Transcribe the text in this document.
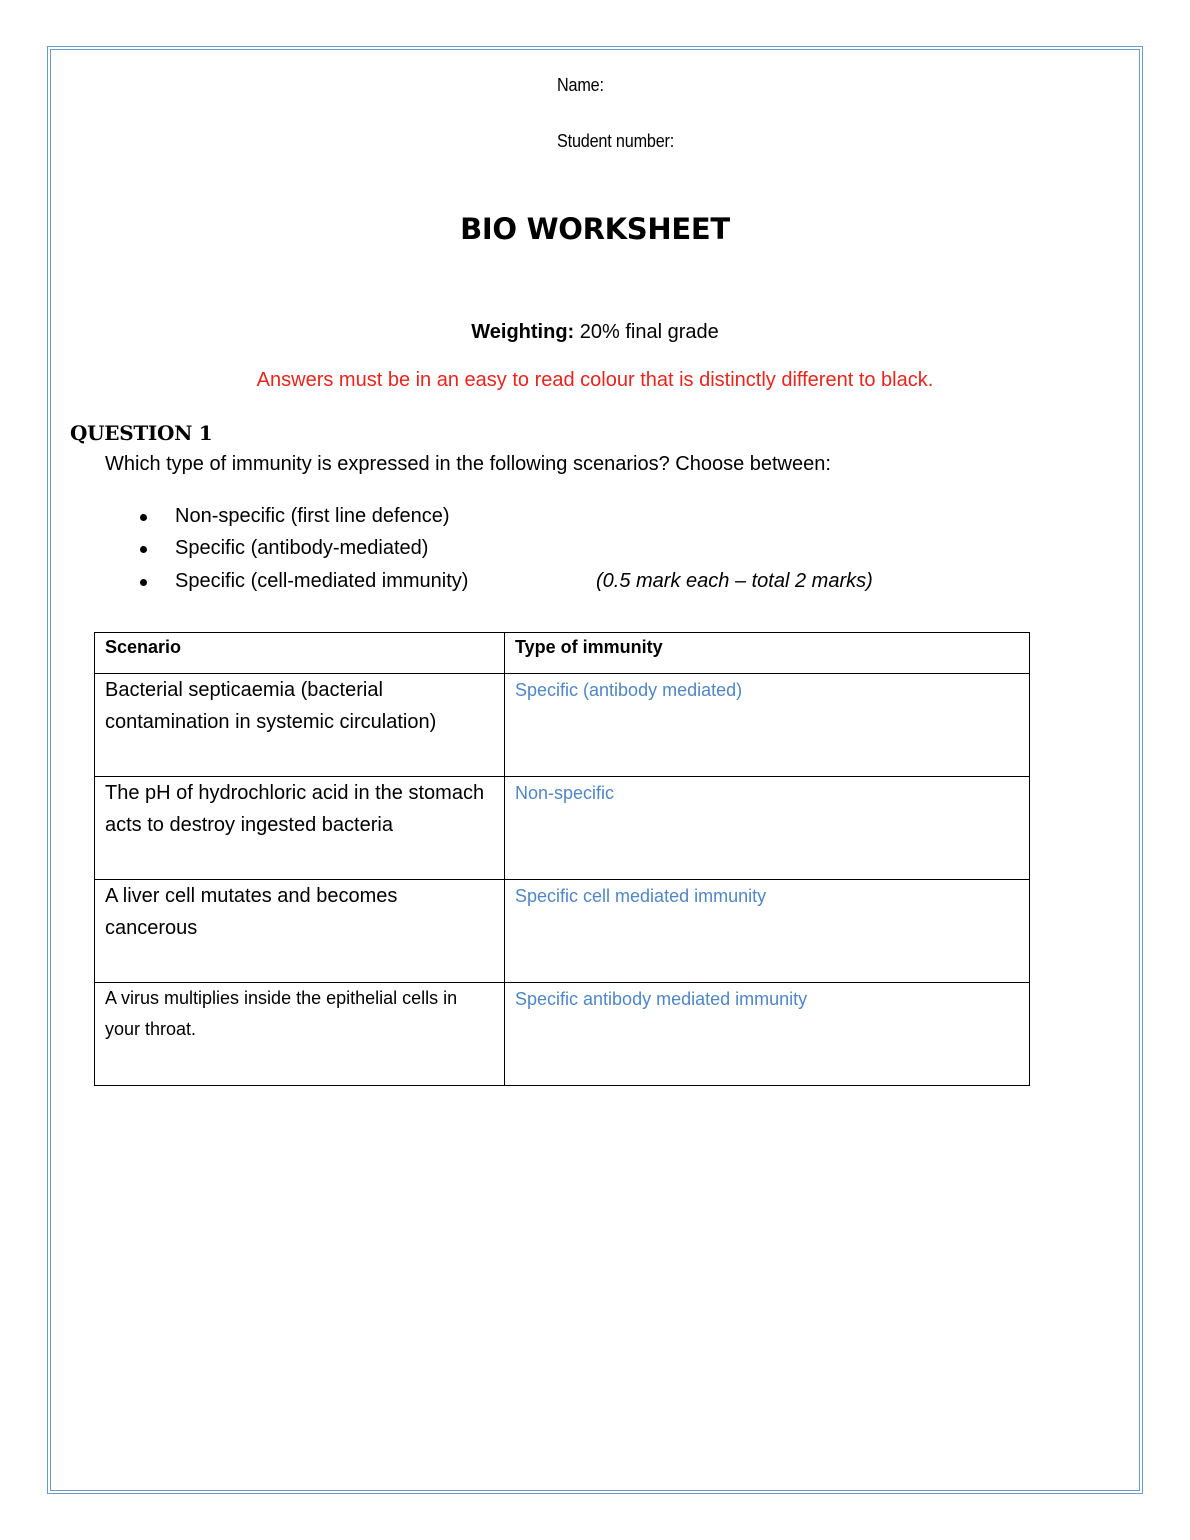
Name:
Student number:
BIO WORKSHEET
Weighting: 20% final grade
Answers must be in an easy to read colour that is distinctly different to black.
QUESTION 1
Which type of immunity is expressed in the following scenarios? Choose between:
Non-specific (first line defence)
Specific (antibody-mediated)
Specific (cell-mediated immunity)	(0.5 mark each – total 2 marks)
Scenario	Type of immunity
Bacterial septicaemia (bacterial contamination in systemic circulation)	Specific (antibody mediated)
The pH of hydrochloric acid in the stomach acts to destroy ingested bacteria	Non-specific
A liver cell mutates and becomes cancerous	Specific cell mediated immunity
A virus multiplies inside the epithelial cells in your throat.	Specific antibody mediated immunity
